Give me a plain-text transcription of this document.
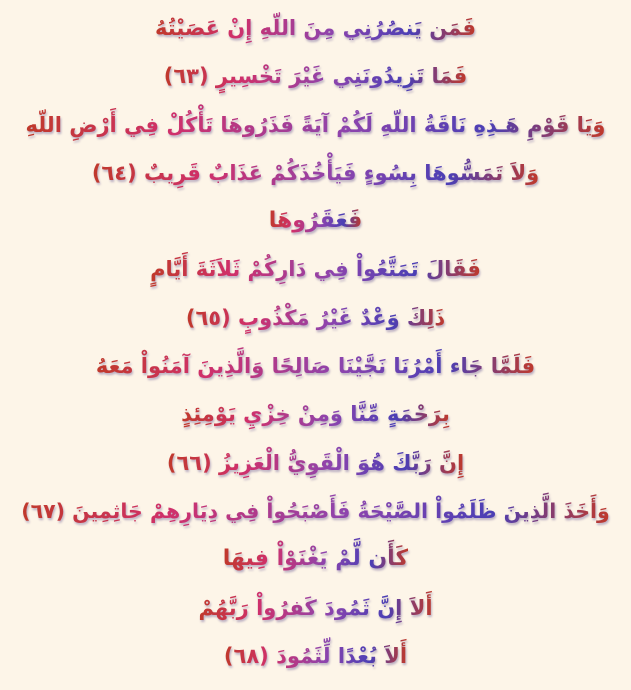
فَمَن يَنصُرُنِي مِنَ اللّهِ إِنْ عَصَيْتُهُ
فَمَا تَزِيدُونَنِي غَيْرَ تَخْسِيرٍ (٦٣)
وَيَا قَوْمِ هَـذِهِ نَاقَةُ اللّهِ لَكُمْ آيَةً فَذَرُوهَا تَأْكُلْ فِي أَرْضِ اللّهِ
وَلاَ تَمَسُّوهَا بِسُوءٍ فَيَأْخُذَكُمْ عَذَابٌ قَرِيبٌ (٦٤)
فَعَقَرُوهَا
فَقَالَ تَمَتَّعُواْ فِي دَارِكُمْ ثَلاَثَةَ أَيَّامٍ
ذَلِكَ وَعْدٌ غَيْرُ مَكْذُوبٍ (٦٥)
فَلَمَّا جَاء أَمْرُنَا نَجَّيْنَا صَالِحًا وَالَّذِينَ آمَنُواْ مَعَهُ
بِرَحْمَةٍ مِّنَّا وَمِنْ خِزْيِ يَوْمِئِذٍ
إِنَّ رَبَّكَ هُوَ الْقَوِيُّ الْعَزِيزُ (٦٦)
وَأَخَذَ الَّذِينَ ظَلَمُواْ الصَّيْحَةُ فَأَصْبَحُواْ فِي دِيَارِهِمْ جَاثِمِينَ (٦٧)
كَأَن لَّمْ يَغْنَوْاْ فِيهَا
أَلاَ إِنَّ ثَمُودَ كَفرُواْ رَبَّهُمْ
أَلاَ بُعْدًا لِّثَمُودَ (٦٨)
